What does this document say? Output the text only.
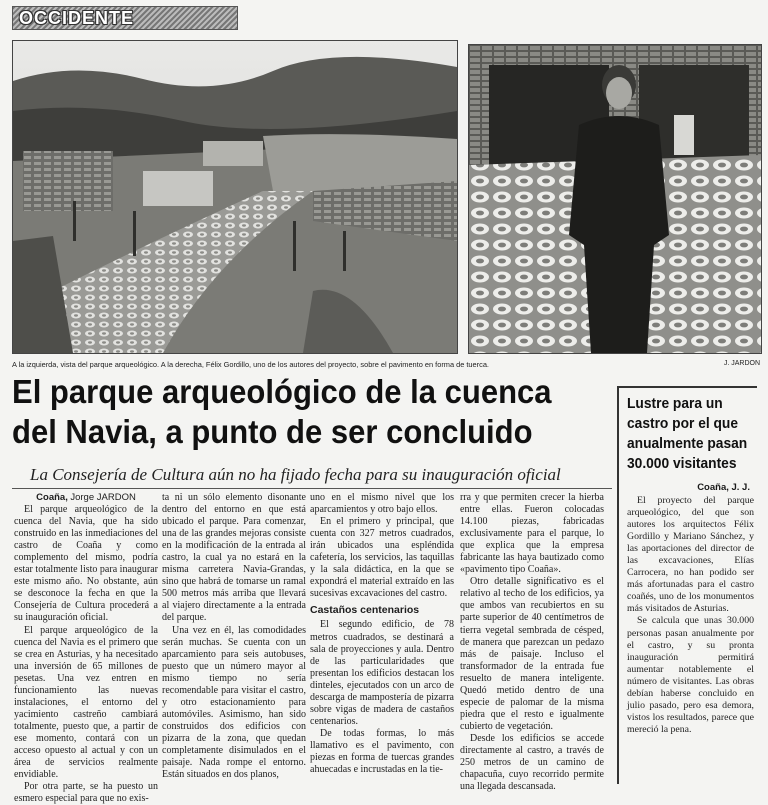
OCCIDENTE
A la izquierda, vista del parque arqueológico. A la derecha, Félix Gordillo, uno de los autores del proyecto, sobre el pavimento en forma de tuerca.	J. JARDON
El parque arqueológico de la cuenca
del Navia, a punto de ser concluido

La Consejería de Cultura aún no ha fijado fecha para su inauguración oficial

Coaña, Jorge JARDON

El parque arqueológico de la cuenca del Navia, que ha sido construido en las inmediaciones del castro de Coaña y como complemento del mismo, podría estar totalmente listo para inaugurar este mismo año. No obstante, aún se desconoce la fecha en que la Consejería de Cultura procederá a su inauguración oficial.

El parque arqueológico de la cuenca del Navia es el primero que se crea en Asturias, y ha necesitado una inversión de 65 millones de pesetas. Una vez entren en funcionamiento las nuevas instalaciones, el entorno del yacimiento castreño cambiará totalmente, puesto que, a partir de ese momento, contará con un acceso opuesto al actual y con un área de servicios realmente envidiable.

Por otra parte, se ha puesto un esmero especial para que no exis-

ta ni un sólo elemento disonante dentro del entorno en que está ubicado el parque. Para comenzar, una de las grandes mejoras consiste en la modificación de la entrada al castro, la cual ya no estará en la misma carretera Navia-Grandas, sino que habrá de tomarse un ramal 500 metros más arriba que llevará al viajero directamente a la entrada del parque.

Una vez en él, las comodidades serán muchas. Se cuenta con un aparcamiento para seis autobuses, puesto que un número mayor al mismo tiempo no sería recomendable para visitar el castro, y otro estacionamiento para automóviles. Asimismo, han sido construidos dos edificios con pizarra de la zona, que quedan completamente disimulados en el paisaje. Nada rompe el entorno. Están situados en dos planos,

uno en el mismo nivel que los aparcamientos y otro bajo ellos.

En el primero y principal, que cuenta con 327 metros cuadrados, irán ubicados una espléndida cafetería, los servicios, las taquillas y la sala didáctica, en la que se expondrá el material extraído en las sucesivas excavaciones del castro.

Castaños centenarios

El segundo edificio, de 78 metros cuadrados, se destinará a sala de proyecciones y aula. Dentro de las particularidades que presentan los edificios destacan los dinteles, ejecutados con un arco de descarga de mampostería de pizarra sobre vigas de madera de castaños centenarios.

De todas formas, lo más llamativo es el pavimento, con piezas en forma de tuercas grandes ahuecadas e incrustadas en la tie-

rra y que permiten crecer la hierba entre ellas. Fueron colocadas 14.100 piezas, fabricadas exclusivamente para el parque, lo que explica que la empresa fabricante las haya bautizado como «pavimento tipo Coaña».

Otro detalle significativo es el relativo al techo de los edificios, ya que ambos van recubiertos en su parte superior de 40 centímetros de tierra vegetal sembrada de césped, de manera que parezcan un pedazo más de paisaje. Incluso el transformador de la entrada fue resuelto de manera inteligente. Quedó metido dentro de una especie de palomar de la misma piedra que el resto e igualmente cubierto de vegetación.

Desde los edificios se accede directamente al castro, a través de 250 metros de un camino de chapacuña, cuyo recorrido permite una llegada descansada.

Lustre para un castro por el que anualmente pasan 30.000 visitantes
Coaña, J. J.

El proyecto del parque arqueológico, del que son autores los arquitectos Félix Gordillo y Mariano Sánchez, y las aportaciones del director de las excavaciones, Elías Carrocera, no han podido ser más afortunadas para el castro coañés, uno de los monumentos más visitados de Asturias.

Se calcula que unas 30.000 personas pasan anualmente por el castro, y su pronta inauguración permitirá aumentar notablemente el número de visitantes. Las obras debían haberse concluido en julio pasado, pero esa demora, vistos los resultados, parece que mereció la pena.
